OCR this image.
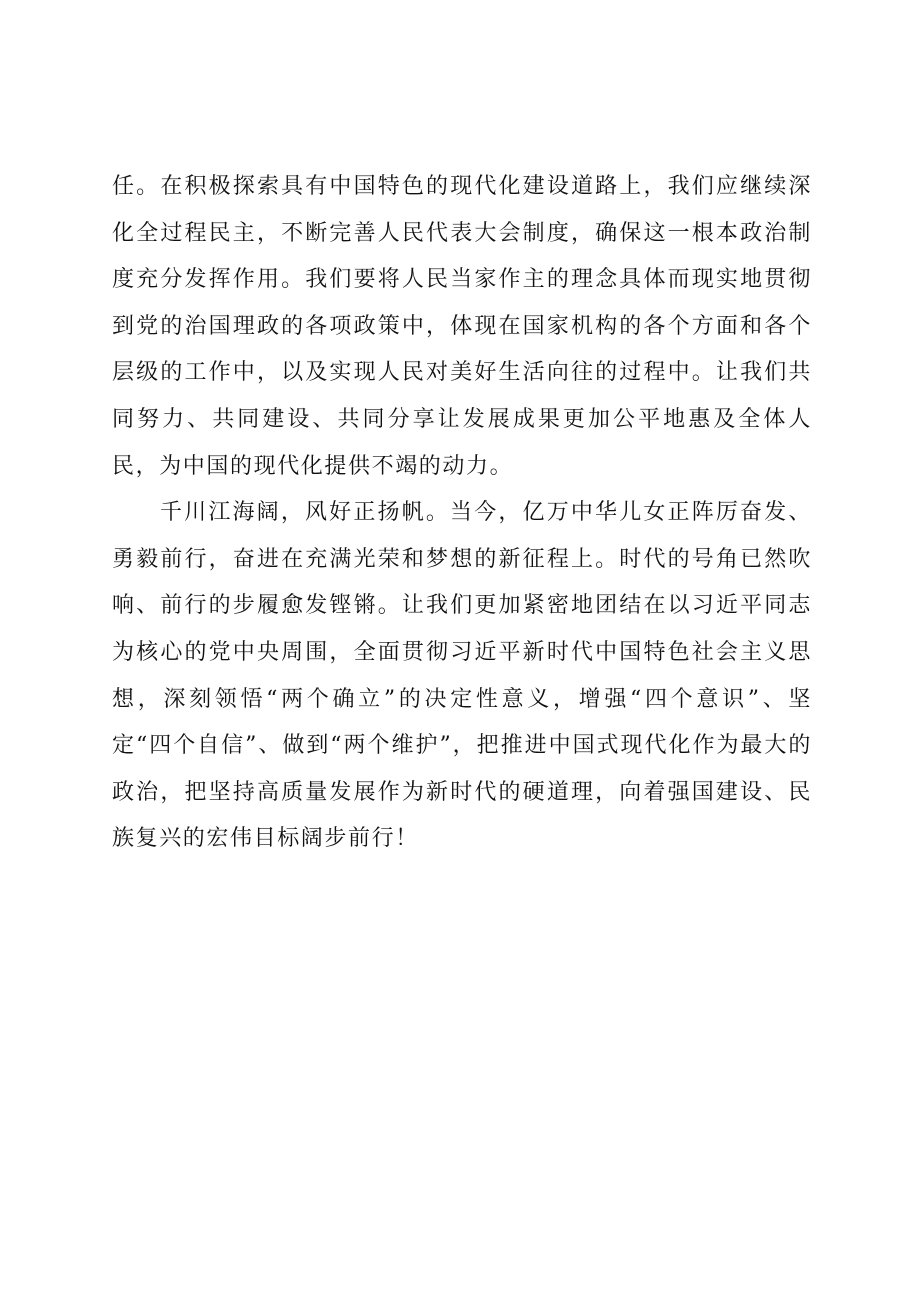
任。在积极探索具有中国特色的现代化建设道路上，我们应继续深化全过程民主，不断完善人民代表大会制度，确保这一根本政治制度充分发挥作用。我们要将人民当家作主的理念具体而现实地贯彻到党的治国理政的各项政策中，体现在国家机构的各个方面和各个层级的工作中，以及实现人民对美好生活向往的过程中。让我们共同努力、共同建设、共同分享让发展成果更加公平地惠及全体人民，为中国的现代化提供不竭的动力。

千川江海阔，风好正扬帆。当今，亿万中华儿女正阵厉奋发、勇毅前行，奋进在充满光荣和梦想的新征程上。时代的号角已然吹响、前行的步履愈发铿锵。让我们更加紧密地团结在以习近平同志为核心的党中央周围，全面贯彻习近平新时代中国特色社会主义思想，深刻领悟“两个确立”的决定性意义，增强“四个意识”、坚定“四个自信”、做到“两个维护”，把推进中国式现代化作为最大的政治，把坚持高质量发展作为新时代的硬道理，向着强国建设、民族复兴的宏伟目标阔步前行！
